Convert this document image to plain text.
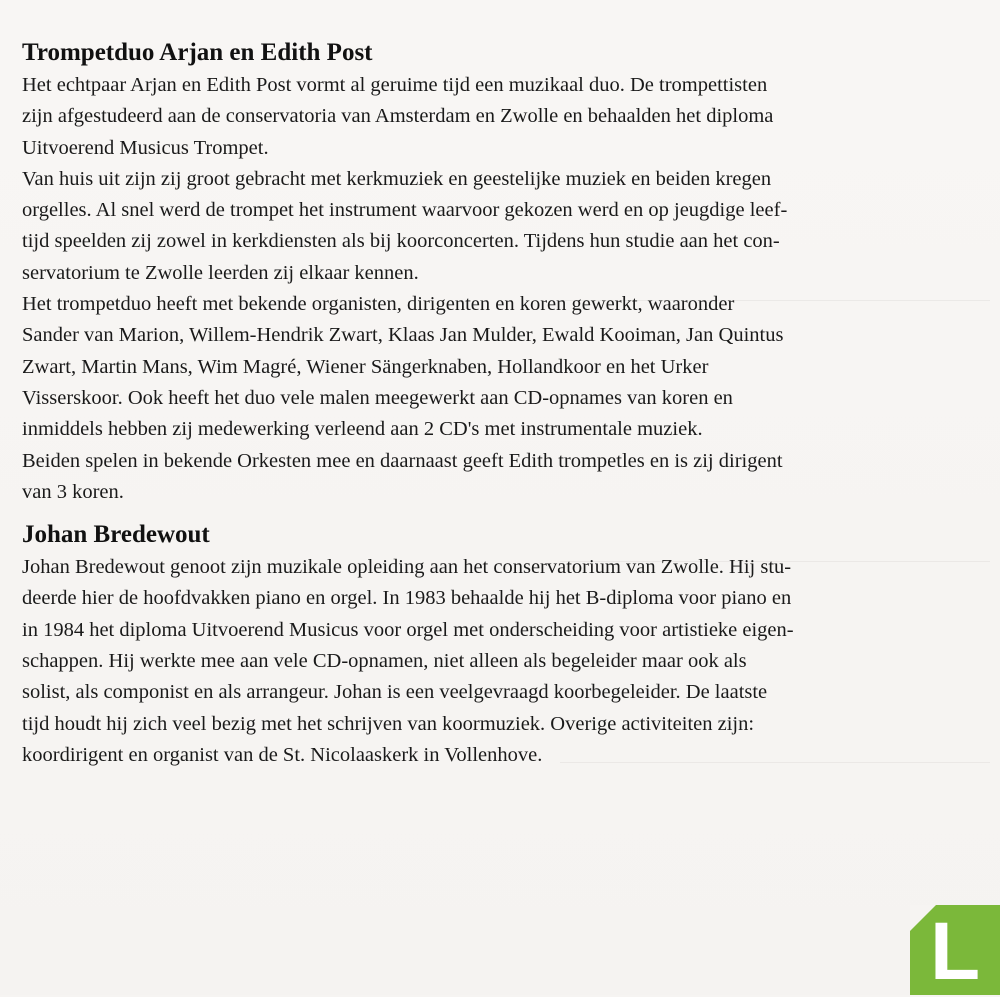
Trompetduo Arjan en Edith Post

Het echtpaar Arjan en Edith Post vormt al geruime tijd een muzikaal duo. De trompettisten

zijn afgestudeerd aan de conservatoria van Amsterdam en Zwolle en behaalden het diploma

Uitvoerend Musicus Trompet.

Van huis uit zijn zij groot gebracht met kerkmuziek en geestelijke muziek en beiden kregen

orgelles. Al snel werd de trompet het instrument waarvoor gekozen werd en op jeugdige leef-

tijd speelden zij zowel in kerkdiensten als bij koorconcerten. Tijdens hun studie aan het con-

servatorium te Zwolle leerden zij elkaar kennen.

Het trompetduo heeft met bekende organisten, dirigenten en koren gewerkt, waaronder

Sander van Marion, Willem-Hendrik Zwart, Klaas Jan Mulder, Ewald Kooiman, Jan Quintus

Zwart, Martin Mans, Wim Magré, Wiener Sängerknaben, Hollandkoor en het Urker

Visserskoor. Ook heeft het duo vele malen meegewerkt aan CD-opnames van koren en

inmiddels hebben zij medewerking verleend aan 2 CD's met instrumentale muziek.

Beiden spelen in bekende Orkesten mee en daarnaast geeft Edith trompetles en is zij dirigent

van 3 koren.

Johan Bredewout

Johan Bredewout genoot zijn muzikale opleiding aan het conservatorium van Zwolle. Hij stu-

deerde hier de hoofdvakken piano en orgel. In 1983 behaalde hij het B-diploma voor piano en

in 1984 het diploma Uitvoerend Musicus voor orgel met onderscheiding voor artistieke eigen-

schappen. Hij werkte mee aan vele CD-opnamen, niet alleen als begeleider maar ook als

solist, als componist en als arrangeur. Johan is een veelgevraagd koorbegeleider. De laatste

tijd houdt hij zich veel bezig met het schrijven van koormuziek. Overige activiteiten zijn:

koordirigent en organist van de St. Nicolaaskerk in Vollenhove.

L
